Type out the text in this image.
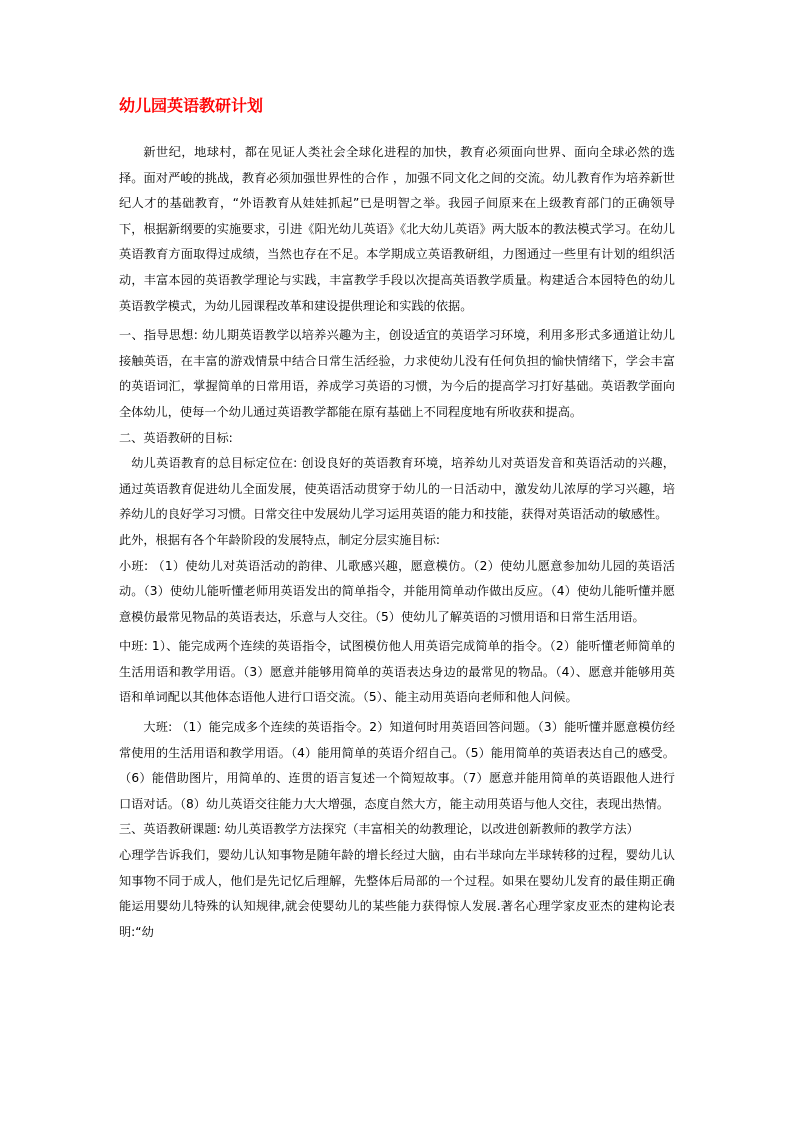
幼儿园英语教研计划

新世纪，地球村，都在见证人类社会全球化进程的加快，教育必须面向世界、面向全球必然的选择。面对严峻的挑战，教育必须加强世界性的合作 ，加强不同文化之间的交流。幼儿教育作为培养新世纪人才的基础教育，“外语教育从娃娃抓起”已是明智之举。我园子间原来在上级教育部门的正确领导下，根据新纲要的实施要求，引进《阳光幼儿英语》《北大幼儿英语》两大版本的教法模式学习。在幼儿英语教育方面取得过成绩，当然也存在不足。本学期成立英语教研组，力图通过一些里有计划的组织活动，丰富本园的英语教学理论与实践，丰富教学手段以次提高英语教学质量。构建适合本园特色的幼儿英语教学模式，为幼儿园课程改革和建设提供理论和实践的依据。

一、指导思想: 幼儿期英语教学以培养兴趣为主，创设适宜的英语学习环境，利用多形式多通道让幼儿接触英语，在丰富的游戏情景中结合日常生活经验，力求使幼儿没有任何负担的愉快情绪下，学会丰富的英语词汇，掌握简单的日常用语，养成学习英语的习惯，为今后的提高学习打好基础。英语教学面向全体幼儿，使每一个幼儿通过英语教学都能在原有基础上不同程度地有所收获和提高。

二、英语教研的目标:

幼儿英语教育的总目标定位在: 创设良好的英语教育环境，培养幼儿对英语发音和英语活动的兴趣，通过英语教育促进幼儿全面发展，使英语活动贯穿于幼儿的一日活动中，激发幼儿浓厚的学习兴趣，培养幼儿的良好学习习惯。日常交往中发展幼儿学习运用英语的能力和技能，获得对英语活动的敏感性。

此外，根据有各个年龄阶段的发展特点，制定分层实施目标:

小班: （1）使幼儿对英语活动的韵律、儿歌感兴趣，愿意模仿。（2）使幼儿愿意参加幼儿园的英语活动。（3）使幼儿能听懂老师用英语发出的简单指令，并能用简单动作做出反应。（4）使幼儿能听懂并愿意模仿最常见物品的英语表达，乐意与人交往。（5）使幼儿了解英语的习惯用语和日常生活用语。

中班: 1）、能完成两个连续的英语指令，试图模仿他人用英语完成简单的指令。（2）能听懂老师简单的生活用语和教学用语。（3）愿意并能够用简单的英语表达身边的最常见的物品。（4）、愿意并能够用英语和单词配以其他体态语他人进行口语交流。（5）、能主动用英语向老师和他人问候。

大班: （1）能完成多个连续的英语指令。2）知道何时用英语回答问题。（3）能听懂并愿意模仿经常使用的生活用语和教学用语。（4）能用简单的英语介绍自己。（5）能用简单的英语表达自己的感受。（6）能借助图片，用简单的、连贯的语言复述一个简短故事。（7）愿意并能用简单的英语跟他人进行口语对话。（8）幼儿英语交往能力大大增强，态度自然大方，能主动用英语与他人交往，表现出热情。

三、英语教研课题: 幼儿英语教学方法探究（丰富相关的幼教理论，以改进创新教师的教学方法）

心理学告诉我们，婴幼儿认知事物是随年龄的增长经过大脑，由右半球向左半球转移的过程，婴幼儿认知事物不同于成人，他们是先记忆后理解，先整体后局部的一个过程。如果在婴幼儿发育的最佳期正确能运用婴幼儿特殊的认知规律,就会使婴幼儿的某些能力获得惊人发展.著名心理学家皮亚杰的建构论表明:“幼
